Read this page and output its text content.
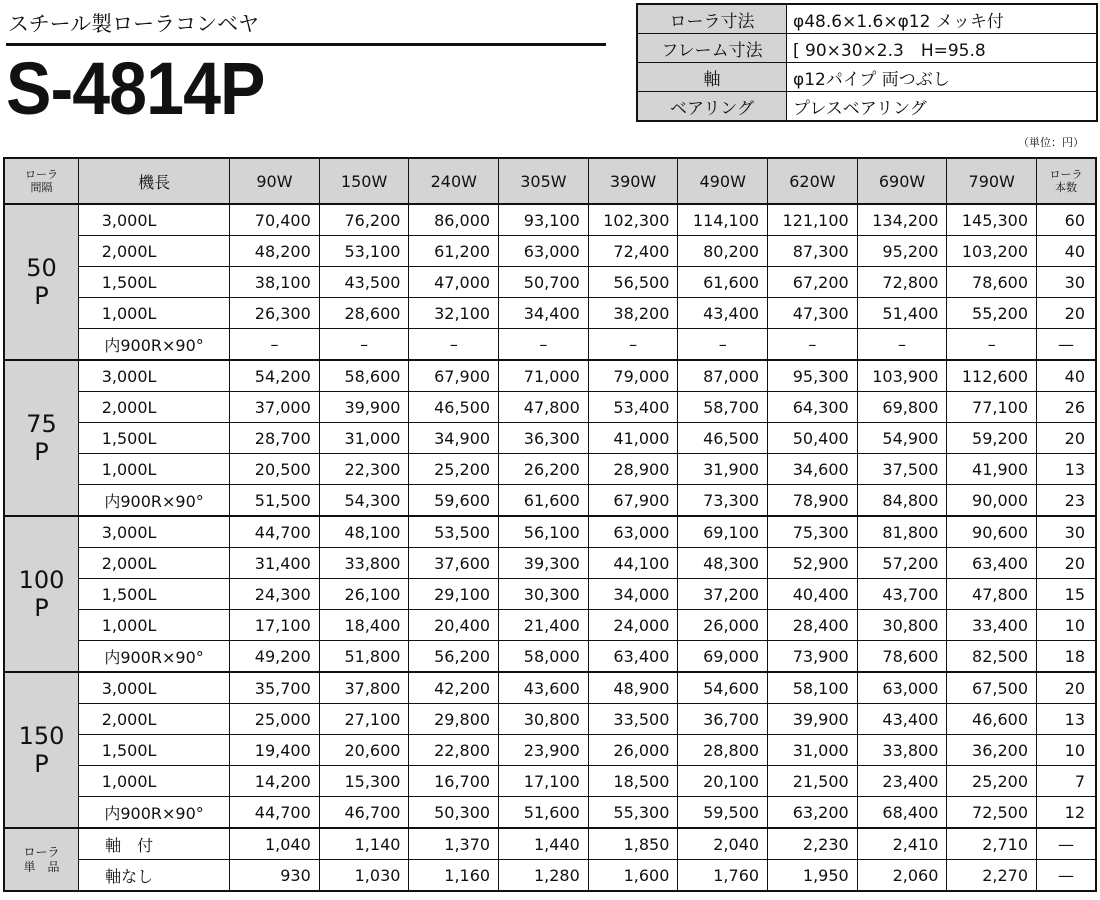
スチール製ローラコンベヤ
S-4814P
ローラ寸法	φ48.6×1.6×φ12 メッキ付
フレーム寸法	[ 90×30×2.3　H=95.8
軸	φ12パイプ 両つぶし
ベアリング	プレスベアリング
（単位：円）
ローラ
間隔	機長	90W	150W	240W	305W	390W	490W	620W	690W	790W	ローラ
本数
50
P	3,000L	70,400	76,200	86,000	93,100	102,300	114,100	121,100	134,200	145,300	60
	2,000L	48,200	53,100	61,200	63,000	72,400	80,200	87,300	95,200	103,200	40
	1,500L	38,100	43,500	47,000	50,700	56,500	61,600	67,200	72,800	78,600	30
	1,000L	26,300	28,600	32,100	34,400	38,200	43,400	47,300	51,400	55,200	20
	内900R×90°	–	–	–	–	–	–	–	–	–	—
75
P	3,000L	54,200	58,600	67,900	71,000	79,000	87,000	95,300	103,900	112,600	40
	2,000L	37,000	39,900	46,500	47,800	53,400	58,700	64,300	69,800	77,100	26
	1,500L	28,700	31,000	34,900	36,300	41,000	46,500	50,400	54,900	59,200	20
	1,000L	20,500	22,300	25,200	26,200	28,900	31,900	34,600	37,500	41,900	13
	内900R×90°	51,500	54,300	59,600	61,600	67,900	73,300	78,900	84,800	90,000	23
100
P	3,000L	44,700	48,100	53,500	56,100	63,000	69,100	75,300	81,800	90,600	30
	2,000L	31,400	33,800	37,600	39,300	44,100	48,300	52,900	57,200	63,400	20
	1,500L	24,300	26,100	29,100	30,300	34,000	37,200	40,400	43,700	47,800	15
	1,000L	17,100	18,400	20,400	21,400	24,000	26,000	28,400	30,800	33,400	10
	内900R×90°	49,200	51,800	56,200	58,000	63,400	69,000	73,900	78,600	82,500	18
150
P	3,000L	35,700	37,800	42,200	43,600	48,900	54,600	58,100	63,000	67,500	20
	2,000L	25,000	27,100	29,800	30,800	33,500	36,700	39,900	43,400	46,600	13
	1,500L	19,400	20,600	22,800	23,900	26,000	28,800	31,000	33,800	36,200	10
	1,000L	14,200	15,300	16,700	17,100	18,500	20,100	21,500	23,400	25,200	7
	内900R×90°	44,700	46,700	50,300	51,600	55,300	59,500	63,200	68,400	72,500	12
ローラ
単　品	軸　付	1,040	1,140	1,370	1,440	1,850	2,040	2,230	2,410	2,710	—
	軸なし	930	1,030	1,160	1,280	1,600	1,760	1,950	2,060	2,270	—
